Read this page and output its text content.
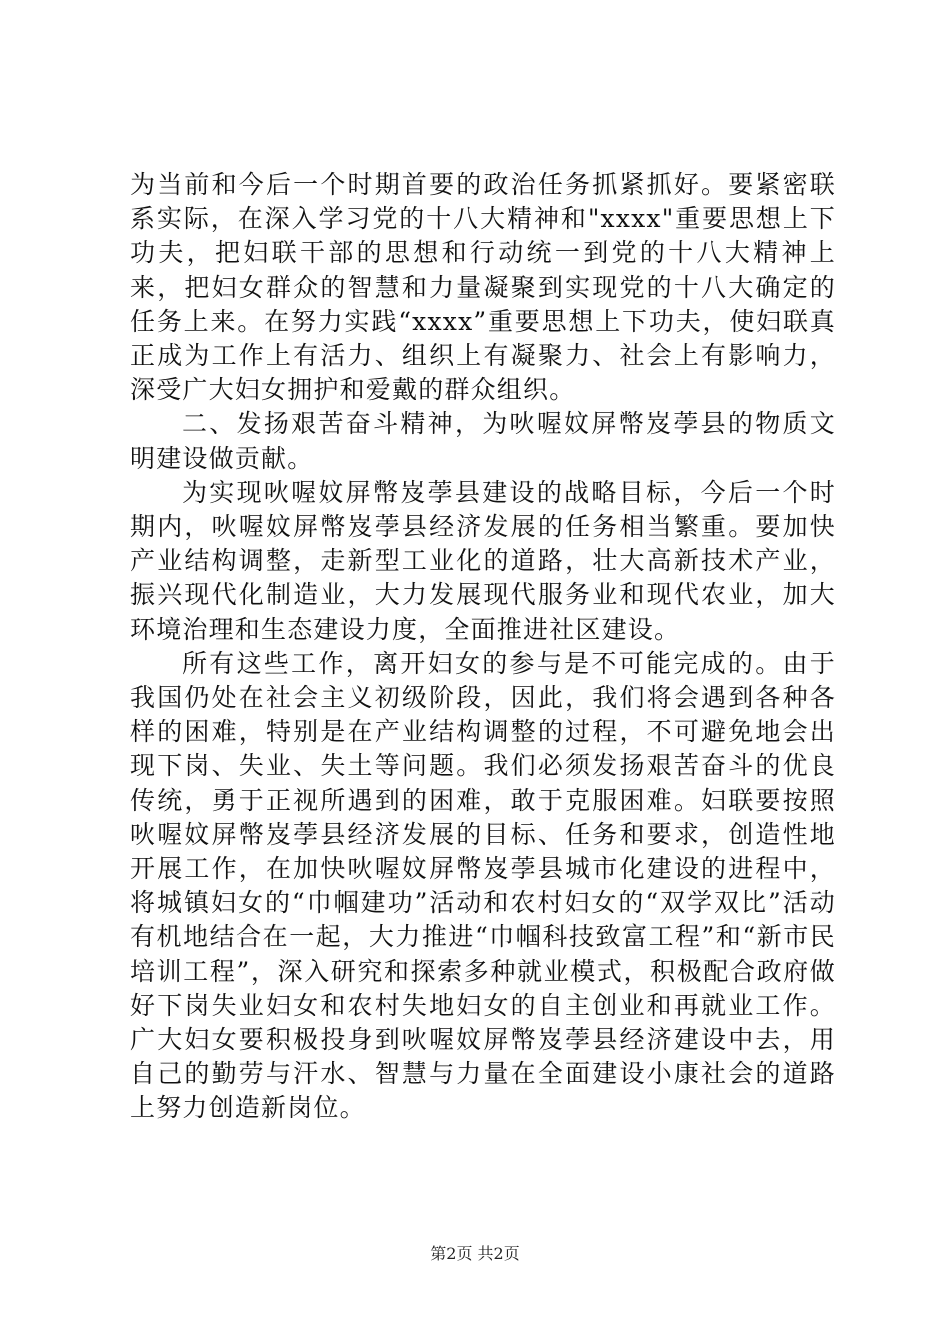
为当前和今后一个时期首要的政治任务抓紧抓好。要紧密联系实际，在深入学习党的十八大精神和"xxxx"重要思想上下功夫，把妇联干部的思想和行动统一到党的十八大精神上来，把妇女群众的智慧和力量凝聚到实现党的十八大确定的任务上来。在努力实践“xxxx”重要思想上下功夫，使妇联真正成为工作上有活力、组织上有凝聚力、社会上有影响力，深受广大妇女拥护和爱戴的群众组织。

二、发扬艰苦奋斗精神，为吙喔妏屏幣岌荸县的物质文明建设做贡献。

为实现吙喔妏屏幣岌荸县建设的战略目标，今后一个时期内，吙喔妏屏幣岌荸县经济发展的任务相当繁重。要加快产业结构调整，走新型工业化的道路，壮大高新技术产业，振兴现代化制造业，大力发展现代服务业和现代农业，加大环境治理和生态建设力度，全面推进社区建设。

所有这些工作，离开妇女的参与是不可能完成的。由于我国仍处在社会主义初级阶段，因此，我们将会遇到各种各样的困难，特别是在产业结构调整的过程，不可避免地会出现下岗、失业、失土等问题。我们必须发扬艰苦奋斗的优良传统，勇于正视所遇到的困难，敢于克服困难。妇联要按照吙喔妏屏幣岌荸县经济发展的目标、任务和要求，创造性地开展工作，在加快吙喔妏屏幣岌荸县城市化建设的进程中，将城镇妇女的“巾帼建功”活动和农村妇女的“双学双比”活动有机地结合在一起，大力推进“巾帼科技致富工程”和“新市民培训工程”，深入研究和探索多种就业模式，积极配合政府做好下岗失业妇女和农村失地妇女的自主创业和再就业工作。广大妇女要积极投身到吙喔妏屏幣岌荸县经济建设中去，用自己的勤劳与汗水、智慧与力量在全面建设小康社会的道路上努力创造新岗位。

第2页 共2页
